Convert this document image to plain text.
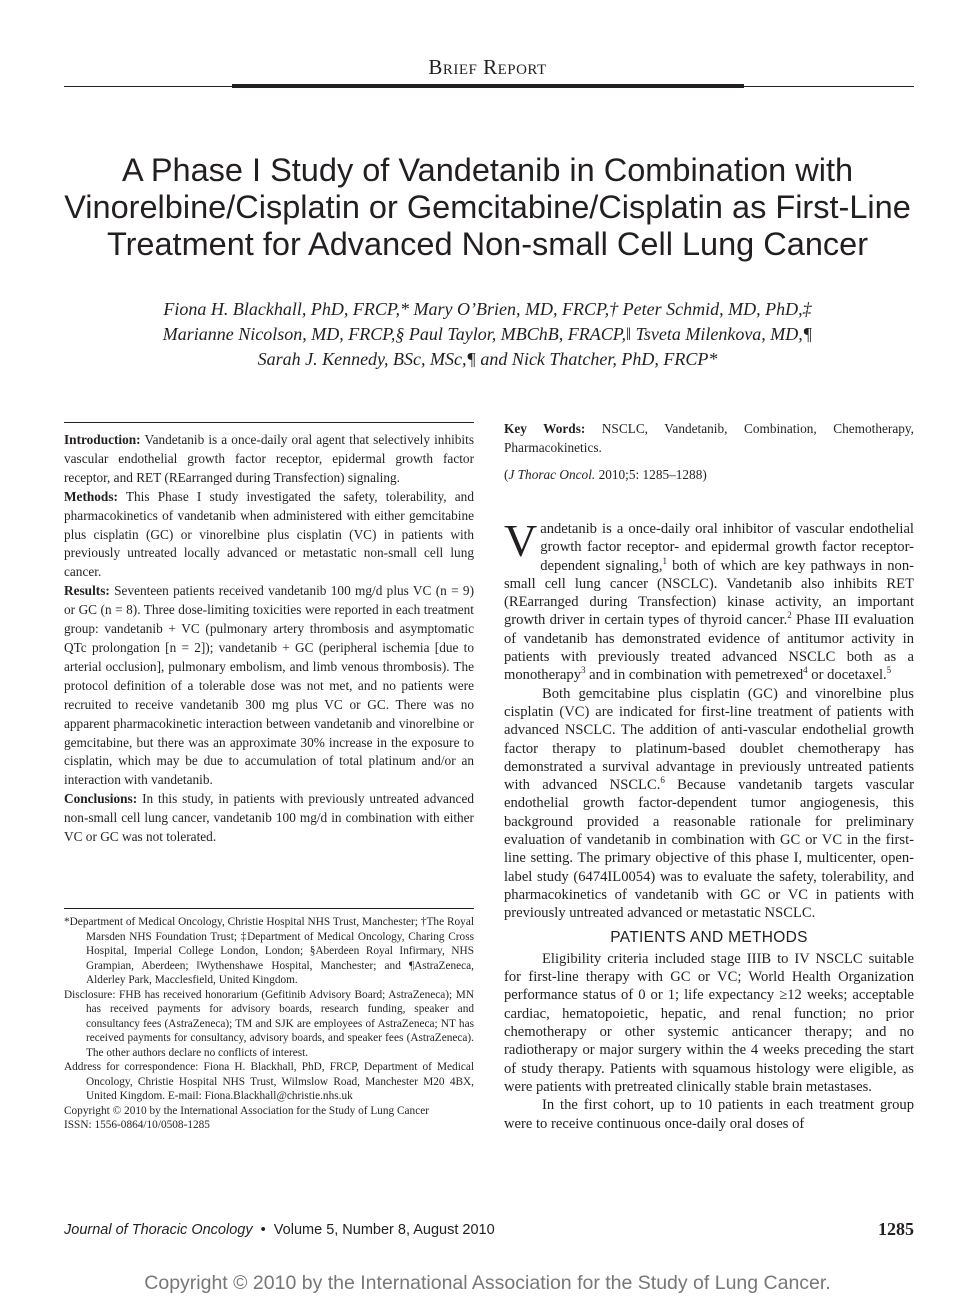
Brief Report
A Phase I Study of Vandetanib in Combination with
Vinorelbine/Cisplatin or Gemcitabine/Cisplatin as First-Line
Treatment for Advanced Non-small Cell Lung Cancer
Fiona H. Blackhall, PhD, FRCP,* Mary O’Brien, MD, FRCP,† Peter Schmid, MD, PhD,‡
Marianne Nicolson, MD, FRCP,§ Paul Taylor, MBChB, FRACP,‖ Tsveta Milenkova, MD,¶
Sarah J. Kennedy, BSc, MSc,¶ and Nick Thatcher, PhD, FRCP*

Introduction: Vandetanib is a once-daily oral agent that selectively inhibits vascular endothelial growth factor receptor, epidermal growth factor receptor, and RET (REarranged during Transfection) signaling.

Methods: This Phase I study investigated the safety, tolerability, and pharmacokinetics of vandetanib when administered with either gemcitabine plus cisplatin (GC) or vinorelbine plus cisplatin (VC) in patients with previously untreated locally advanced or metastatic non-small cell lung cancer.

Results: Seventeen patients received vandetanib 100 mg/d plus VC (n = 9) or GC (n = 8). Three dose-limiting toxicities were reported in each treatment group: vandetanib + VC (pulmonary artery thrombosis and asymptomatic QTc prolongation [n = 2]); vandetanib + GC (peripheral ischemia [due to arterial occlusion], pulmonary embolism, and limb venous thrombosis). The protocol definition of a tolerable dose was not met, and no patients were recruited to receive vandetanib 300 mg plus VC or GC. There was no apparent pharmacokinetic interaction between vandetanib and vinorelbine or gemcitabine, but there was an approximate 30% increase in the exposure to cisplatin, which may be due to accumulation of total platinum and/or an interaction with vandetanib.

Conclusions: In this study, in patients with previously untreated advanced non-small cell lung cancer, vandetanib 100 mg/d in combination with either VC or GC was not tolerated.

*Department of Medical Oncology, Christie Hospital NHS Trust, Manchester; †The Royal Marsden NHS Foundation Trust; ‡Department of Medical Oncology, Charing Cross Hospital, Imperial College London, London; §Aberdeen Royal Infirmary, NHS Grampian, Aberdeen; ‖Wythenshawe Hospital, Manchester; and ¶AstraZeneca, Alderley Park, Macclesfield, United Kingdom.

Disclosure: FHB has received honorarium (Gefitinib Advisory Board; AstraZeneca); MN has received payments for advisory boards, research funding, speaker and consultancy fees (AstraZeneca); TM and SJK are employees of AstraZeneca; NT has received payments for consultancy, advisory boards, and speaker fees (AstraZeneca). The other authors declare no conflicts of interest.

Address for correspondence: Fiona H. Blackhall, PhD, FRCP, Department of Medical Oncology, Christie Hospital NHS Trust, Wilmslow Road, Manchester M20 4BX, United Kingdom. E-mail: Fiona.Blackhall@christie.nhs.uk

Copyright © 2010 by the International Association for the Study of Lung Cancer

ISSN: 1556-0864/10/0508-1285

Key Words: NSCLC, Vandetanib, Combination, Chemotherapy, Pharmacokinetics.

(J Thorac Oncol. 2010;5: 1285–1288)

Vandetanib is a once-daily oral inhibitor of vascular endothelial growth factor receptor- and epidermal growth factor receptor-dependent signaling,$^1$ both of which are key pathways in non-small cell lung cancer (NSCLC). Vandetanib also inhibits RET (REarranged during Transfection) kinase activity, an important growth driver in certain types of thyroid cancer.$^2$ Phase III evaluation of vandetanib has demonstrated evidence of antitumor activity in patients with previously treated advanced NSCLC both as a monotherapy$^3$ and in combination with pemetrexed$^4$ or docetaxel.$^5$

Both gemcitabine plus cisplatin (GC) and vinorelbine plus cisplatin (VC) are indicated for first-line treatment of patients with advanced NSCLC. The addition of anti-vascular endothelial growth factor therapy to platinum-based doublet chemotherapy has demonstrated a survival advantage in previously untreated patients with advanced NSCLC.$^6$ Because vandetanib targets vascular endothelial growth factor-dependent tumor angiogenesis, this background provided a reasonable rationale for preliminary evaluation of vandetanib in combination with GC or VC in the first-line setting. The primary objective of this phase I, multicenter, open-label study (6474IL0054) was to evaluate the safety, tolerability, and pharmacokinetics of vandetanib with GC or VC in patients with previously untreated advanced or metastatic NSCLC.

PATIENTS AND METHODS

Eligibility criteria included stage IIIB to IV NSCLC suitable for first-line therapy with GC or VC; World Health Organization performance status of 0 or 1; life expectancy ≥12 weeks; acceptable cardiac, hematopoietic, hepatic, and renal function; no prior chemotherapy or other systemic anticancer therapy; and no radiotherapy or major surgery within the 4 weeks preceding the start of study therapy. Patients with squamous histology were eligible, as were patients with pretreated clinically stable brain metastases.

In the first cohort, up to 10 patients in each treatment group were to receive continuous once-daily oral doses of

Journal of Thoracic Oncology  •  Volume 5, Number 8, August 2010	1285
Copyright © 2010 by the International Association for the Study of Lung Cancer.
